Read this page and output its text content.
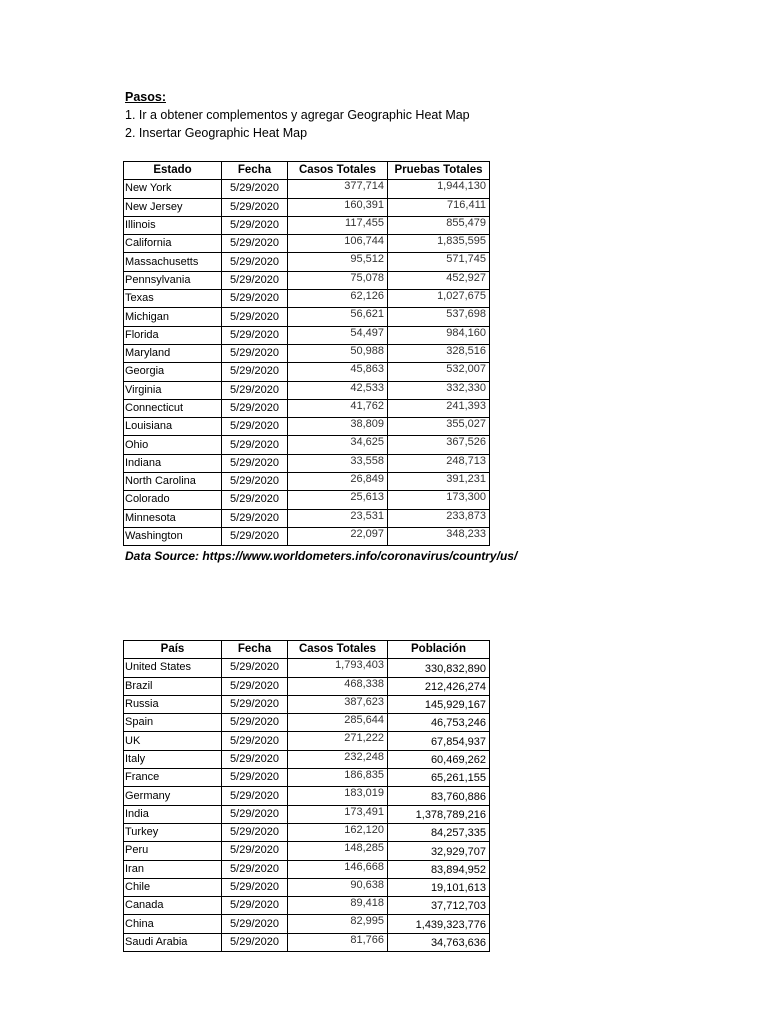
Pasos:
1. Ir a obtener complementos y agregar Geographic Heat Map
2. Insertar Geographic Heat Map
Estado	Fecha	Casos Totales	Pruebas Totales
New York	5/29/2020	377,714	1,944,130
New Jersey	5/29/2020	160,391	716,411
Illinois	5/29/2020	117,455	855,479
California	5/29/2020	106,744	1,835,595
Massachusetts	5/29/2020	95,512	571,745
Pennsylvania	5/29/2020	75,078	452,927
Texas	5/29/2020	62,126	1,027,675
Michigan	5/29/2020	56,621	537,698
Florida	5/29/2020	54,497	984,160
Maryland	5/29/2020	50,988	328,516
Georgia	5/29/2020	45,863	532,007
Virginia	5/29/2020	42,533	332,330
Connecticut	5/29/2020	41,762	241,393
Louisiana	5/29/2020	38,809	355,027
Ohio	5/29/2020	34,625	367,526
Indiana	5/29/2020	33,558	248,713
North Carolina	5/29/2020	26,849	391,231
Colorado	5/29/2020	25,613	173,300
Minnesota	5/29/2020	23,531	233,873
Washington	5/29/2020	22,097	348,233
Data Source: https://www.worldometers.info/coronavirus/country/us/
País	Fecha	Casos Totales	Población
United States	5/29/2020	1,793,403	330,832,890
Brazil	5/29/2020	468,338	212,426,274
Russia	5/29/2020	387,623	145,929,167
Spain	5/29/2020	285,644	46,753,246
UK	5/29/2020	271,222	67,854,937
Italy	5/29/2020	232,248	60,469,262
France	5/29/2020	186,835	65,261,155
Germany	5/29/2020	183,019	83,760,886
India	5/29/2020	173,491	1,378,789,216
Turkey	5/29/2020	162,120	84,257,335
Peru	5/29/2020	148,285	32,929,707
Iran	5/29/2020	146,668	83,894,952
Chile	5/29/2020	90,638	19,101,613
Canada	5/29/2020	89,418	37,712,703
China	5/29/2020	82,995	1,439,323,776
Saudi Arabia	5/29/2020	81,766	34,763,636
